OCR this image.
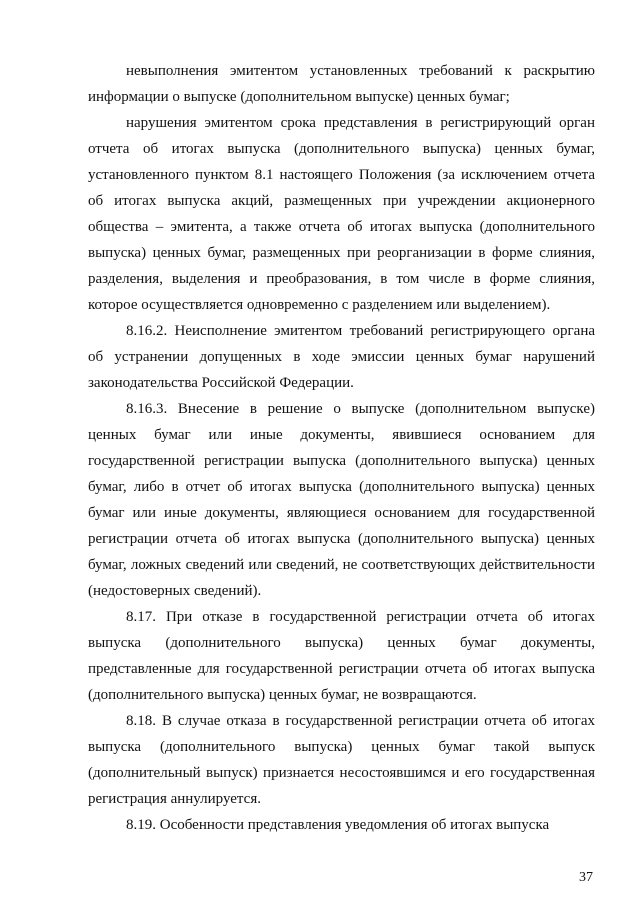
невыполнения эмитентом установленных требований к раскрытию информации о выпуске (дополнительном выпуске) ценных бумаг;

нарушения эмитентом срока представления в регистрирующий орган отчета об итогах выпуска (дополнительного выпуска) ценных бумаг, установленного пунктом 8.1 настоящего Положения (за исключением отчета об итогах выпуска акций, размещенных при учреждении акционерного общества – эмитента, а также отчета об итогах выпуска (дополнительного выпуска) ценных бумаг, размещенных при реорганизации в форме слияния, разделения, выделения и преобразования, в том числе в форме слияния, которое осуществляется одновременно с разделением или выделением).

8.16.2. Неисполнение эмитентом требований регистрирующего органа об устранении допущенных в ходе эмиссии ценных бумаг нарушений законодательства Российской Федерации.

8.16.3. Внесение в решение о выпуске (дополнительном выпуске) ценных бумаг или иные документы, явившиеся основанием для государственной регистрации выпуска (дополнительного выпуска) ценных бумаг, либо в отчет об итогах выпуска (дополнительного выпуска) ценных бумаг или иные документы, являющиеся основанием для государственной регистрации отчета об итогах выпуска (дополнительного выпуска) ценных бумаг, ложных сведений или сведений, не соответствующих действительности (недостоверных сведений).

8.17. При отказе в государственной регистрации отчета об итогах выпуска (дополнительного выпуска) ценных бумаг документы, представленные для государственной регистрации отчета об итогах выпуска (дополнительного выпуска) ценных бумаг, не возвращаются.

8.18. В случае отказа в государственной регистрации отчета об итогах выпуска (дополнительного выпуска) ценных бумаг такой выпуск (дополнительный выпуск) признается несостоявшимся и его государственная регистрация аннулируется.

8.19. Особенности представления уведомления об итогах выпуска

37
